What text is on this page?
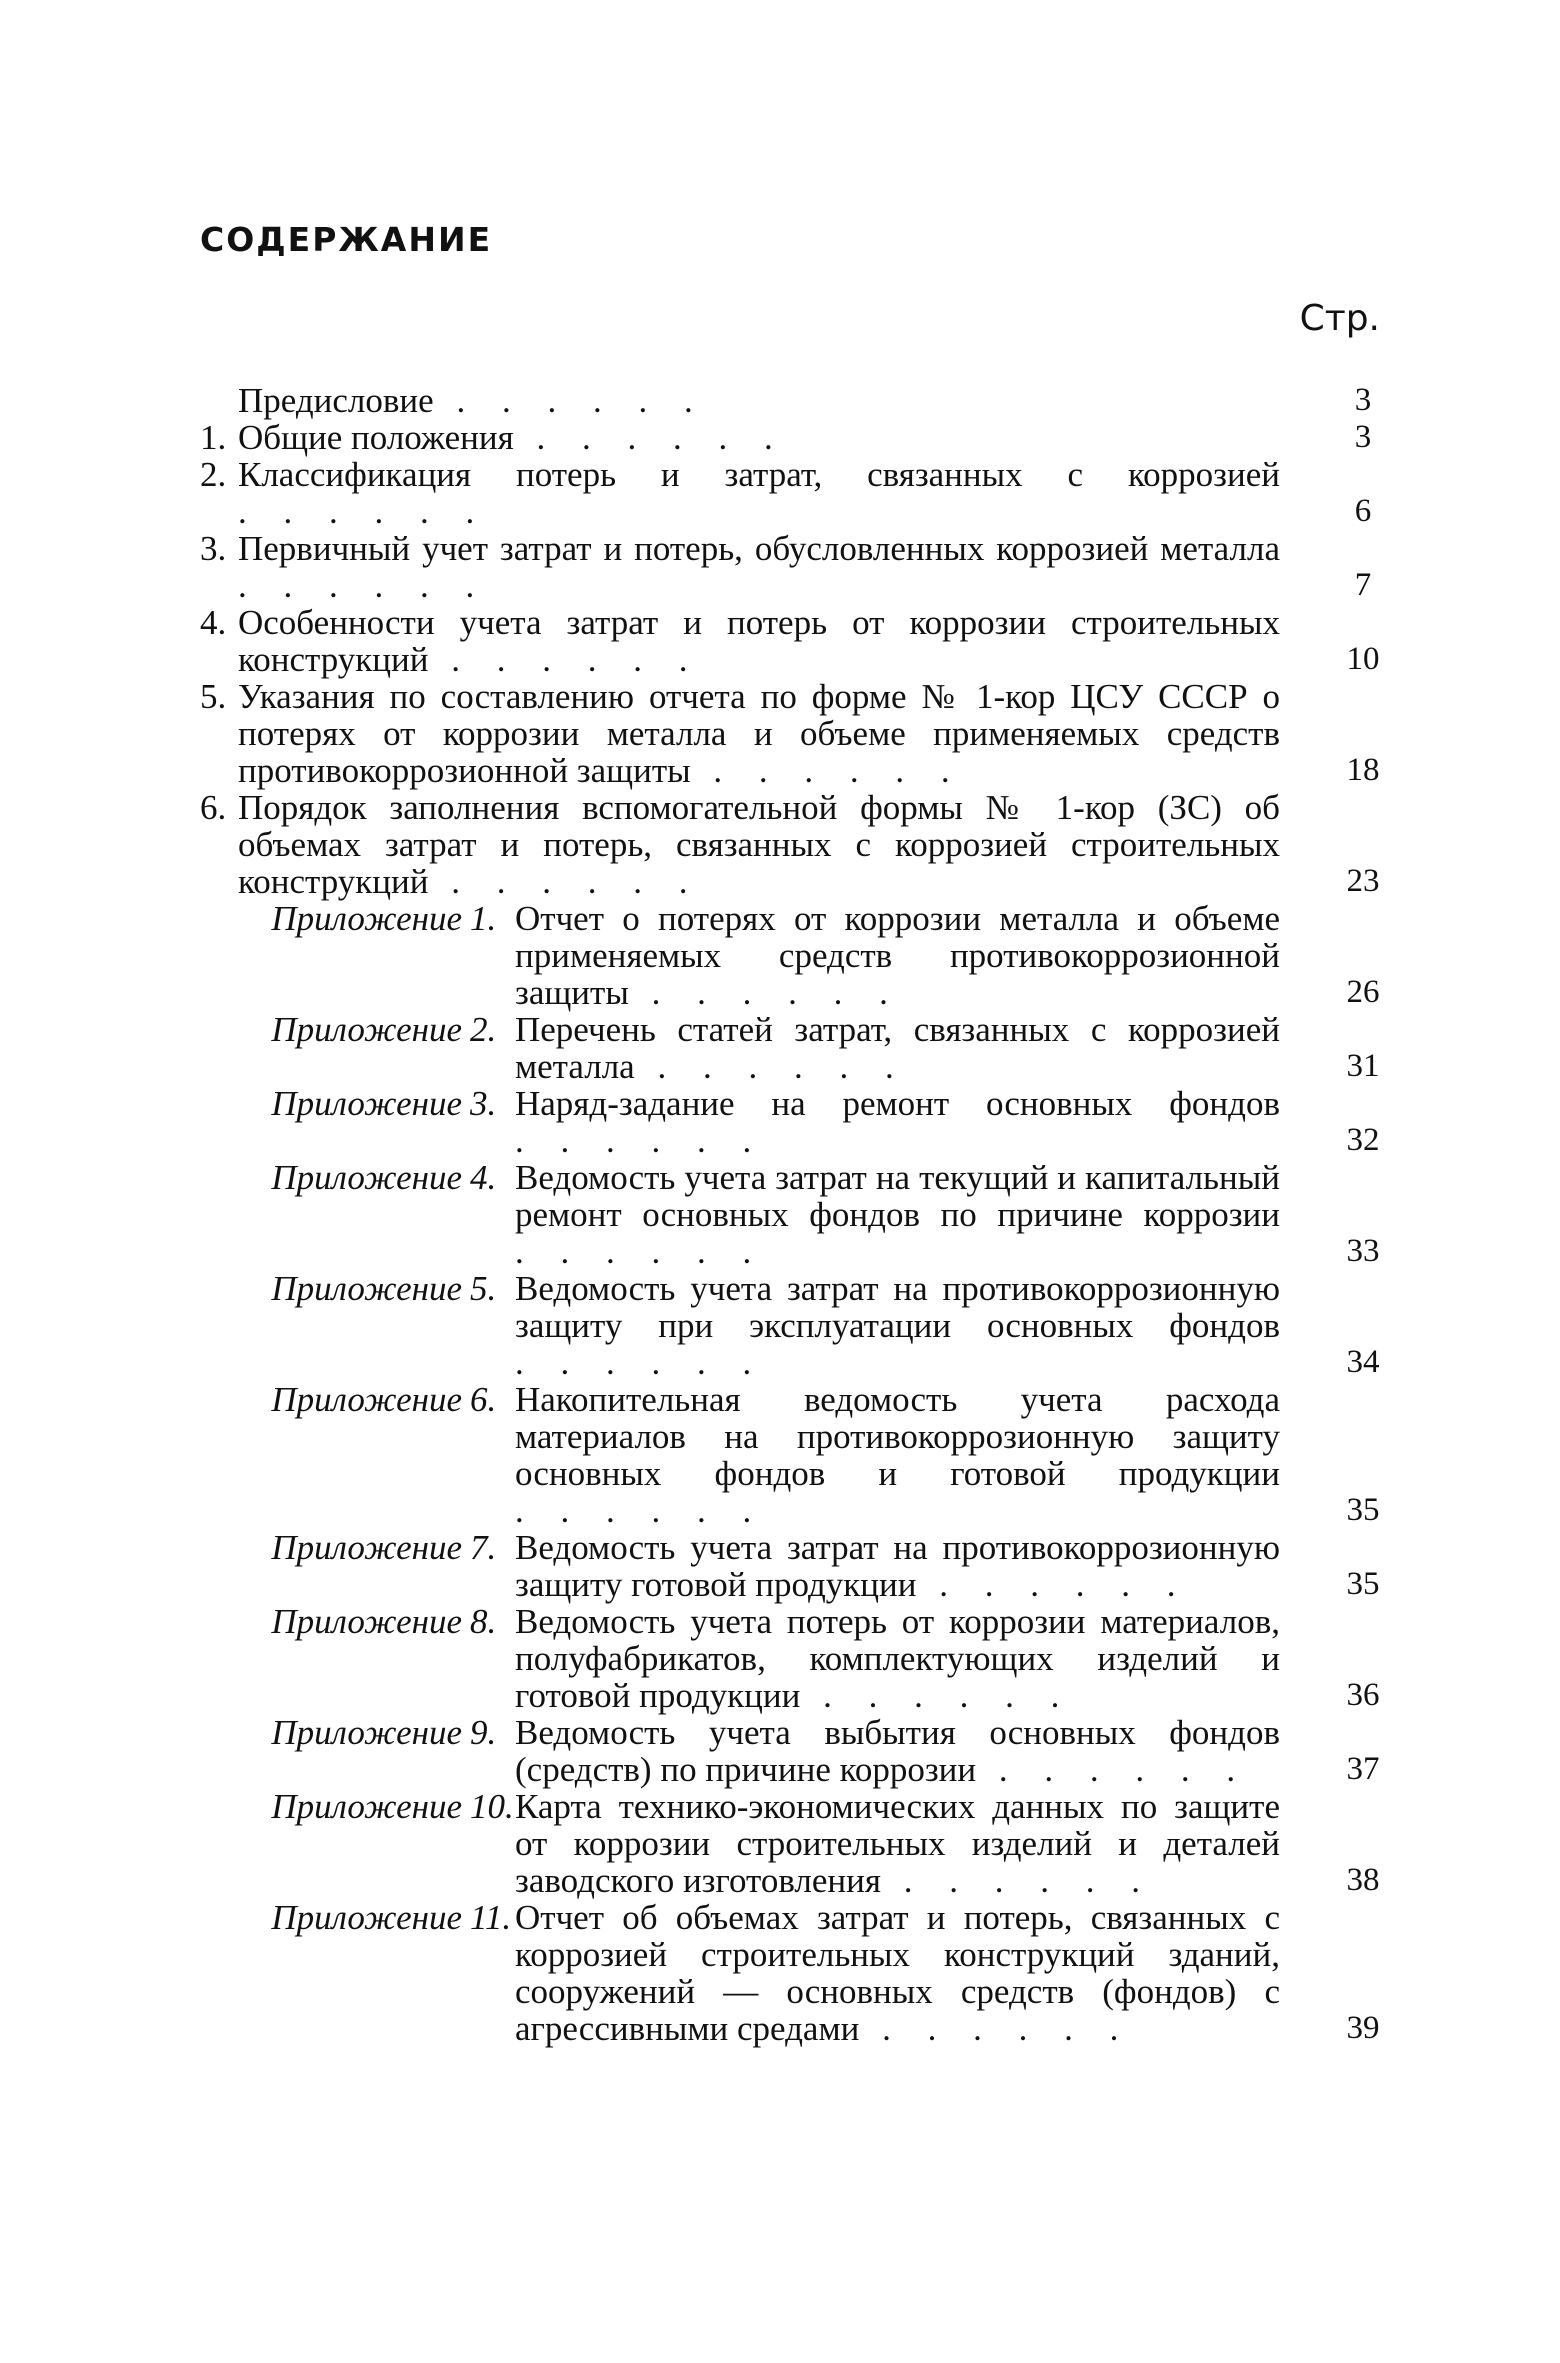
СОДЕРЖАНИЕ
Стр.
Предисловие . . . . . .	3
1. Общие положения . . . . . .	3
2. Классификация потерь и затрат, связанных с коррозией . . . . . .	6
3. Первичный учет затрат и потерь, обусловленных коррозией металла . . . . . .	7
4. Особенности учета затрат и потерь от коррозии строительных конструкций . . . . . .	10
5. Указания по составлению отчета по форме № 1-кор ЦСУ СССР о потерях от коррозии металла и объеме применяемых средств противокоррозионной защиты . . . . . .	18
6. Порядок заполнения вспомогательной формы № 1-кор (ЗС) об объемах затрат и потерь, связанных с коррозией строительных конструкций . . . . . .	23
Приложение 1. Отчет о потерях от коррозии металла и объеме применяемых средств противокоррозионной защиты . . . . . .	26
Приложение 2. Перечень статей затрат, связанных с коррозией металла . . . . . .	31
Приложение 3. Наряд-задание на ремонт основных фондов . . . . . .	32
Приложение 4. Ведомость учета затрат на текущий и капитальный ремонт основных фондов по причине коррозии . . . . . .	33
Приложение 5. Ведомость учета затрат на противокоррозионную защиту при эксплуатации основных фондов . . . . . .	34
Приложение 6. Накопительная ведомость учета расхода материалов на противокоррозионную защиту основных фондов и готовой продукции . . . . . .	35
Приложение 7. Ведомость учета затрат на противокоррозионную защиту готовой продукции . . . . . .	35
Приложение 8. Ведомость учета потерь от коррозии материалов, полуфабрикатов, комплектующих изделий и готовой продукции . . . . . .	36
Приложение 9. Ведомость учета выбытия основных фондов (средств) по причине коррозии . . . . . .	37
Приложение 10. Карта технико-экономических данных по защите от коррозии строительных изделий и деталей заводского изготовления . . . . . .	38
Приложение 11. Отчет об объемах затрат и потерь, связанных с коррозией строительных конструкций зданий, сооружений — основных средств (фондов) с агрессивными средами . . . . . .	39
